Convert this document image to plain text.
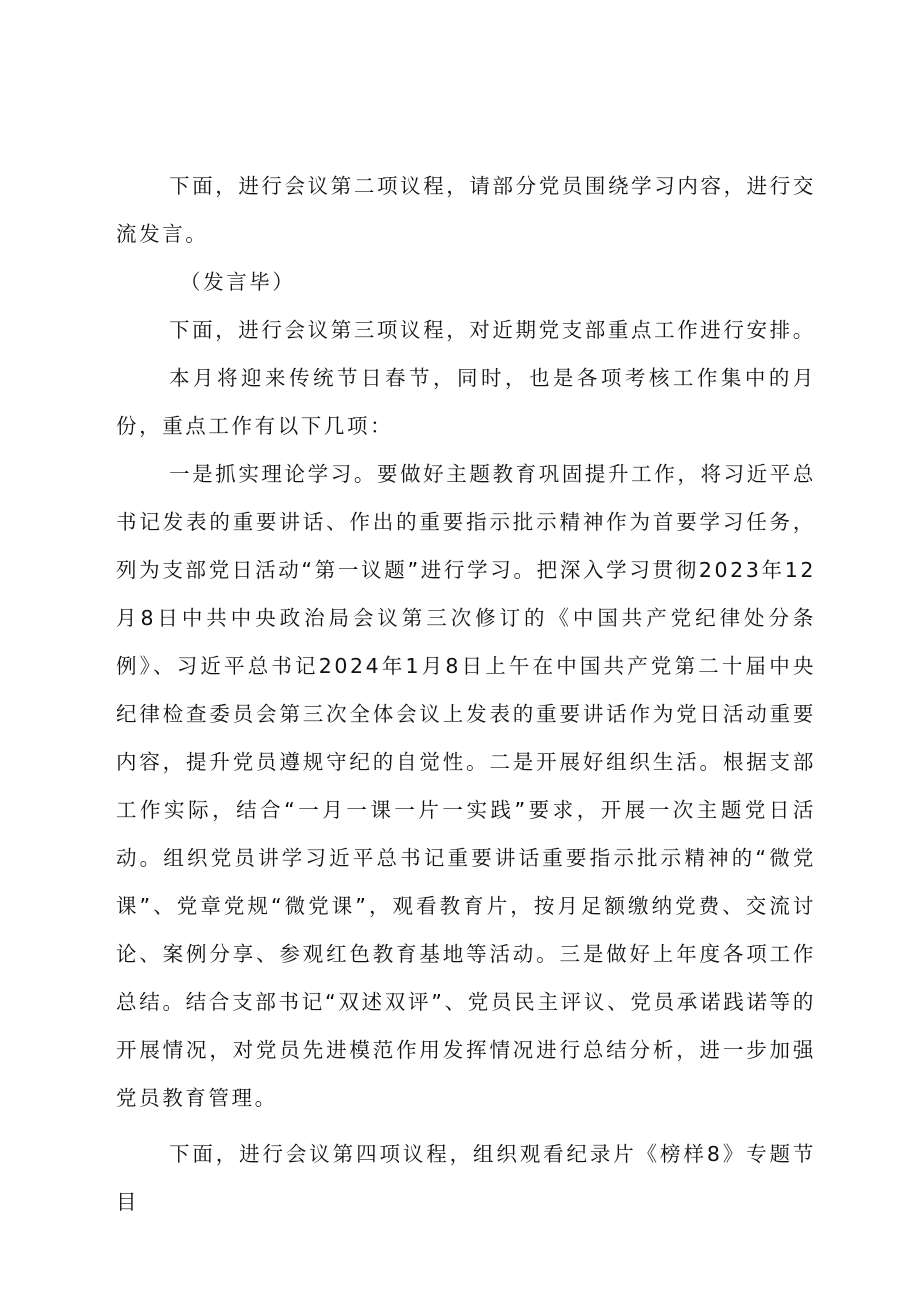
下面，进行会议第二项议程，请部分党员围绕学习内容，进行交流发言。

（发言毕）

下面，进行会议第三项议程，对近期党支部重点工作进行安排。

本月将迎来传统节日春节，同时，也是各项考核工作集中的月份，重点工作有以下几项：

一是抓实理论学习。要做好主题教育巩固提升工作，将习近平总书记发表的重要讲话、作出的重要指示批示精神作为首要学习任务，列为支部党日活动“第一议题”进行学习。把深入学习贯彻2023年12月8日中共中央政治局会议第三次修订的《中国共产党纪律处分条例》、习近平总书记2024年1月8日上午在中国共产党第二十届中央纪律检查委员会第三次全体会议上发表的重要讲话作为党日活动重要内容，提升党员遵规守纪的自觉性。二是开展好组织生活。根据支部工作实际，结合“一月一课一片一实践”要求，开展一次主题党日活动。组织党员讲学习近平总书记重要讲话重要指示批示精神的“微党课”、党章党规“微党课”，观看教育片，按月足额缴纳党费、交流讨论、案例分享、参观红色教育基地等活动。三是做好上年度各项工作总结。结合支部书记“双述双评”、党员民主评议、党员承诺践诺等的开展情况，对党员先进模范作用发挥情况进行总结分析，进一步加强党员教育管理。

下面，进行会议第四项议程，组织观看纪录片《榜样8》专题节目
